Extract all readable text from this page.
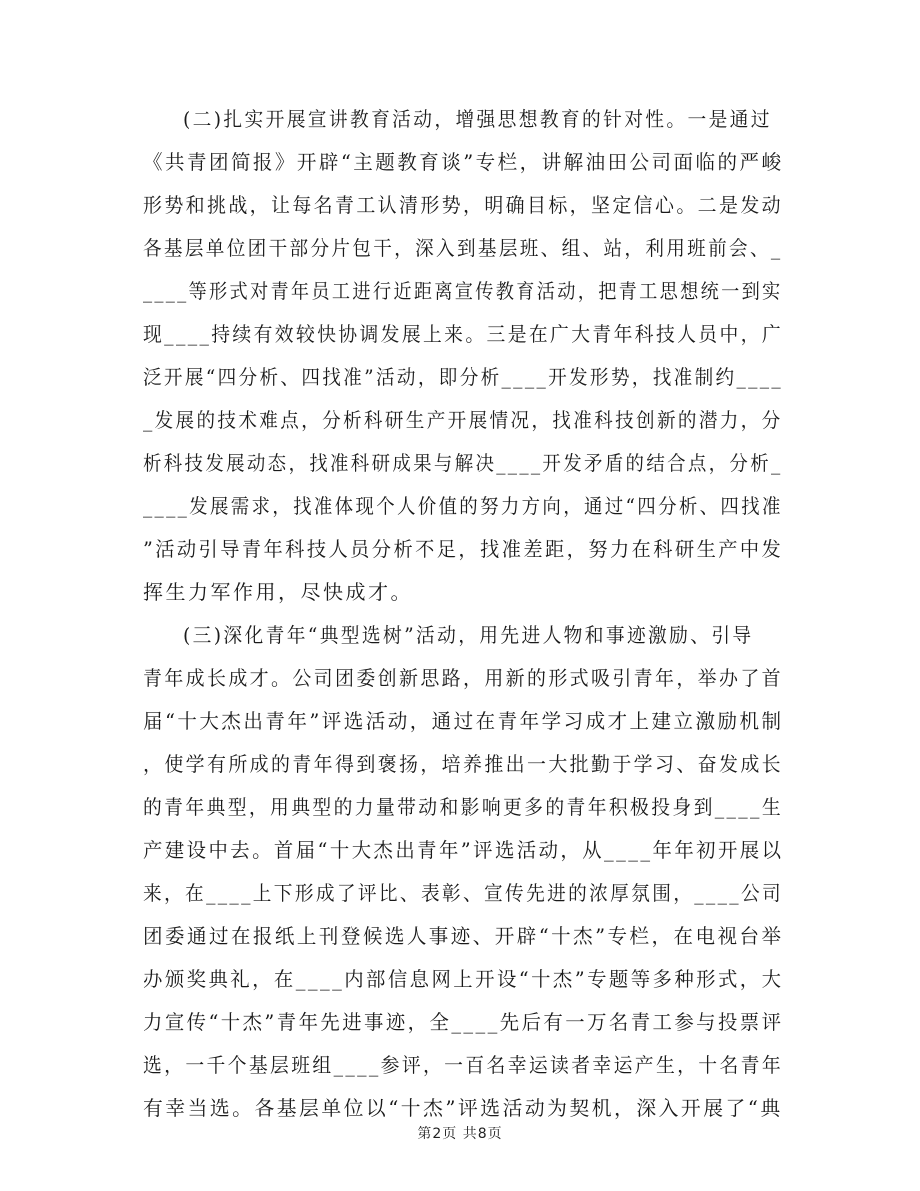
(二)扎实开展宣讲教育活动，增强思想教育的针对性。一是通过
《共青团简报》开辟“主题教育谈”专栏，讲解油田公司面临的严峻
形势和挑战，让每名青工认清形势，明确目标，坚定信心。二是发动
各基层单位团干部分片包干，深入到基层班、组、站，利用班前会、_
____等形式对青年员工进行近距离宣传教育活动，把青工思想统一到实
现____持续有效较快协调发展上来。三是在广大青年科技人员中，广
泛开展“四分析、四找准”活动，即分析____开发形势，找准制约____
_发展的技术难点，分析科研生产开展情况，找准科技创新的潜力，分
析科技发展动态，找准科研成果与解决____开发矛盾的结合点，分析_
____发展需求，找准体现个人价值的努力方向，通过“四分析、四找准
”活动引导青年科技人员分析不足，找准差距，努力在科研生产中发
挥生力军作用，尽快成才。
(三)深化青年“典型选树”活动，用先进人物和事迹激励、引导
青年成长成才。公司团委创新思路，用新的形式吸引青年，举办了首
届“十大杰出青年”评选活动，通过在青年学习成才上建立激励机制
，使学有所成的青年得到褒扬，培养推出一大批勤于学习、奋发成长
的青年典型，用典型的力量带动和影响更多的青年积极投身到____生
产建设中去。首届“十大杰出青年”评选活动，从____年年初开展以
来，在____上下形成了评比、表彰、宣传先进的浓厚氛围，____公司
团委通过在报纸上刊登候选人事迹、开辟“十杰”专栏，在电视台举
办颁奖典礼，在____内部信息网上开设“十杰”专题等多种形式，大
力宣传“十杰”青年先进事迹，全____先后有一万名青工参与投票评
选，一千个基层班组____参评，一百名幸运读者幸运产生，十名青年
有幸当选。各基层单位以“十杰”评选活动为契机，深入开展了“典
第2页 共8页
